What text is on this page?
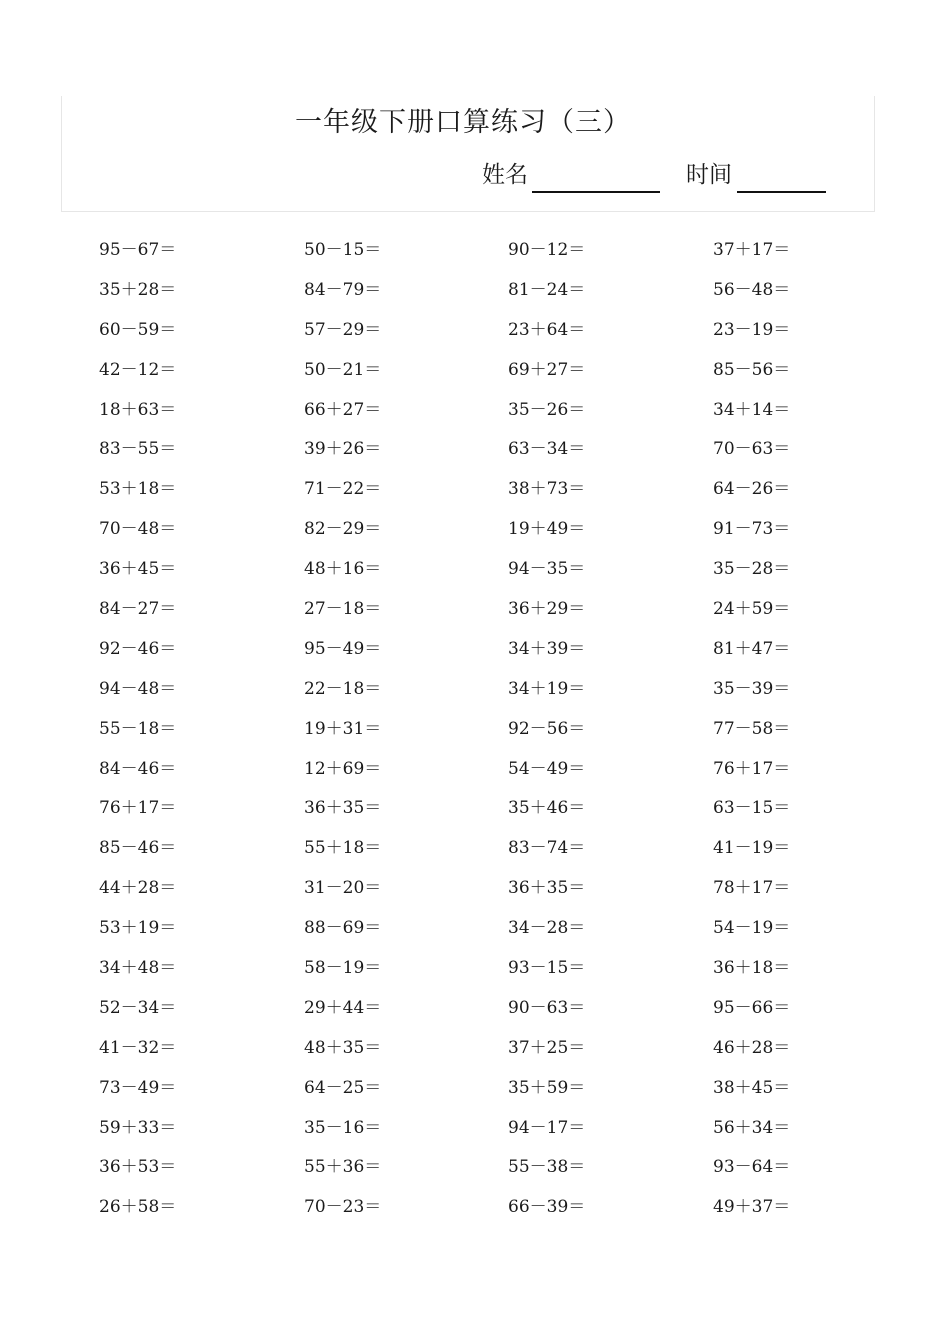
一年级下册口算练习（三）
姓名	时间
95－67＝	50－15＝	90－12＝	37＋17＝
35＋28＝	84－79＝	81－24＝	56－48＝
60－59＝	57－29＝	23＋64＝	23－19＝
42－12＝	50－21＝	69＋27＝	85－56＝
18＋63＝	66＋27＝	35－26＝	34＋14＝
83－55＝	39＋26＝	63－34＝	70－63＝
53＋18＝	71－22＝	38＋73＝	64－26＝
70－48＝	82－29＝	19＋49＝	91－73＝
36＋45＝	48＋16＝	94－35＝	35－28＝
84－27＝	27－18＝	36＋29＝	24＋59＝
92－46＝	95－49＝	34＋39＝	81＋47＝
94－48＝	22－18＝	34＋19＝	35－39＝
55－18＝	19＋31＝	92－56＝	77－58＝
84－46＝	12＋69＝	54－49＝	76＋17＝
76＋17＝	36＋35＝	35＋46＝	63－15＝
85－46＝	55＋18＝	83－74＝	41－19＝
44＋28＝	31－20＝	36＋35＝	78＋17＝
53＋19＝	88－69＝	34－28＝	54－19＝
34＋48＝	58－19＝	93－15＝	36＋18＝
52－34＝	29＋44＝	90－63＝	95－66＝
41－32＝	48＋35＝	37＋25＝	46＋28＝
73－49＝	64－25＝	35＋59＝	38＋45＝
59＋33＝	35－16＝	94－17＝	56＋34＝
36＋53＝	55＋36＝	55－38＝	93－64＝
26＋58＝	70－23＝	66－39＝	49＋37＝
